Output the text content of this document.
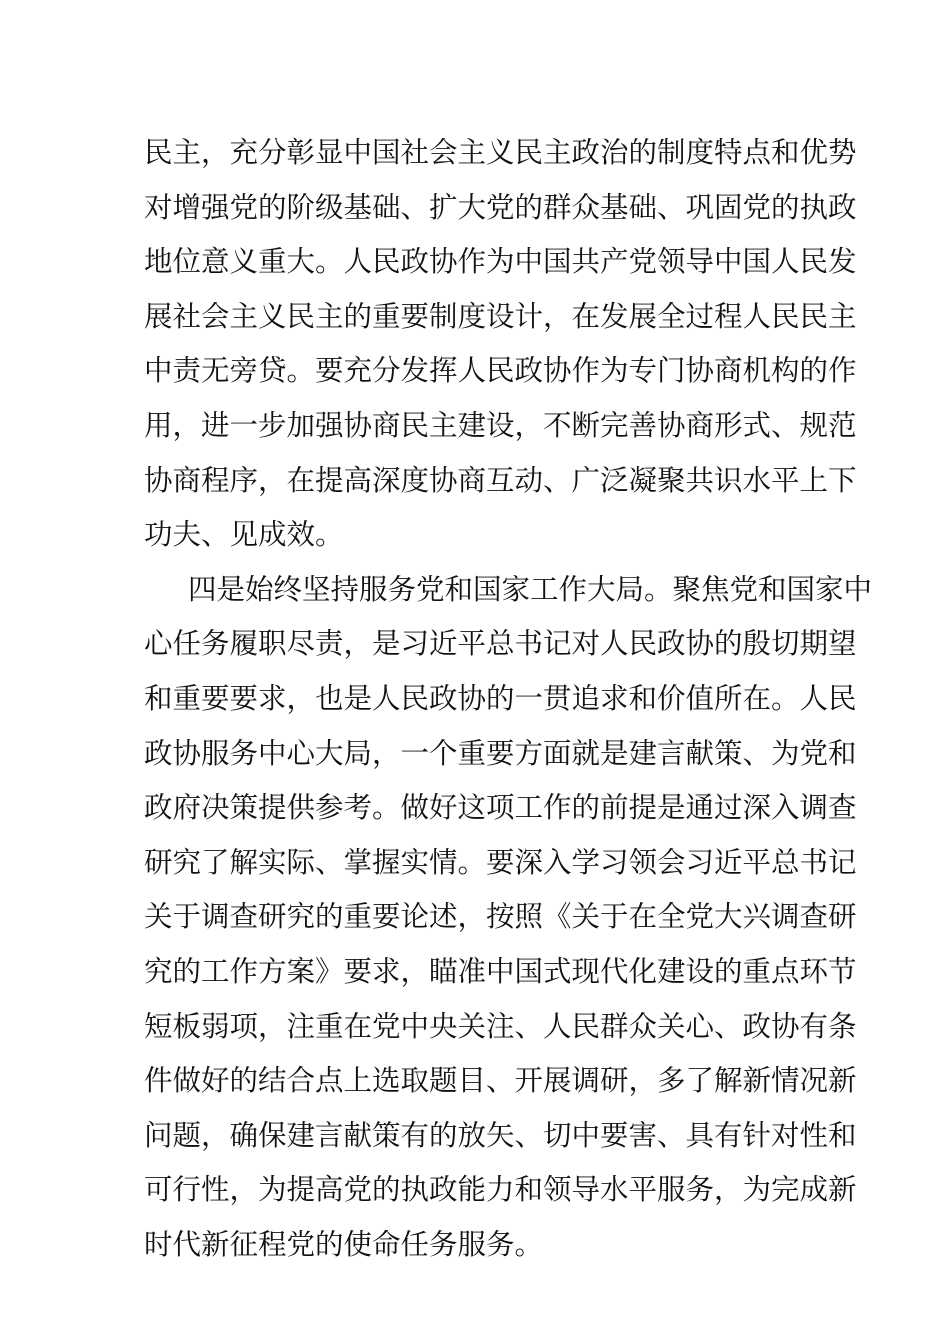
民主，充分彰显中国社会主义民主政治的制度特点和优势
对增强党的阶级基础、扩大党的群众基础、巩固党的执政
地位意义重大。人民政协作为中国共产党领导中国人民发
展社会主义民主的重要制度设计，在发展全过程人民民主
中责无旁贷。要充分发挥人民政协作为专门协商机构的作
用，进一步加强协商民主建设，不断完善协商形式、规范
协商程序，在提高深度协商互动、广泛凝聚共识水平上下
功夫、见成效。
四是始终坚持服务党和国家工作大局。聚焦党和国家中
心任务履职尽责，是习近平总书记对人民政协的殷切期望
和重要要求，也是人民政协的一贯追求和价值所在。人民
政协服务中心大局，一个重要方面就是建言献策、为党和
政府决策提供参考。做好这项工作的前提是通过深入调查
研究了解实际、掌握实情。要深入学习领会习近平总书记
关于调查研究的重要论述，按照《关于在全党大兴调查研
究的工作方案》要求，瞄准中国式现代化建设的重点环节
短板弱项，注重在党中央关注、人民群众关心、政协有条
件做好的结合点上选取题目、开展调研，多了解新情况新
问题，确保建言献策有的放矢、切中要害、具有针对性和
可行性，为提高党的执政能力和领导水平服务，为完成新
时代新征程党的使命任务服务。
